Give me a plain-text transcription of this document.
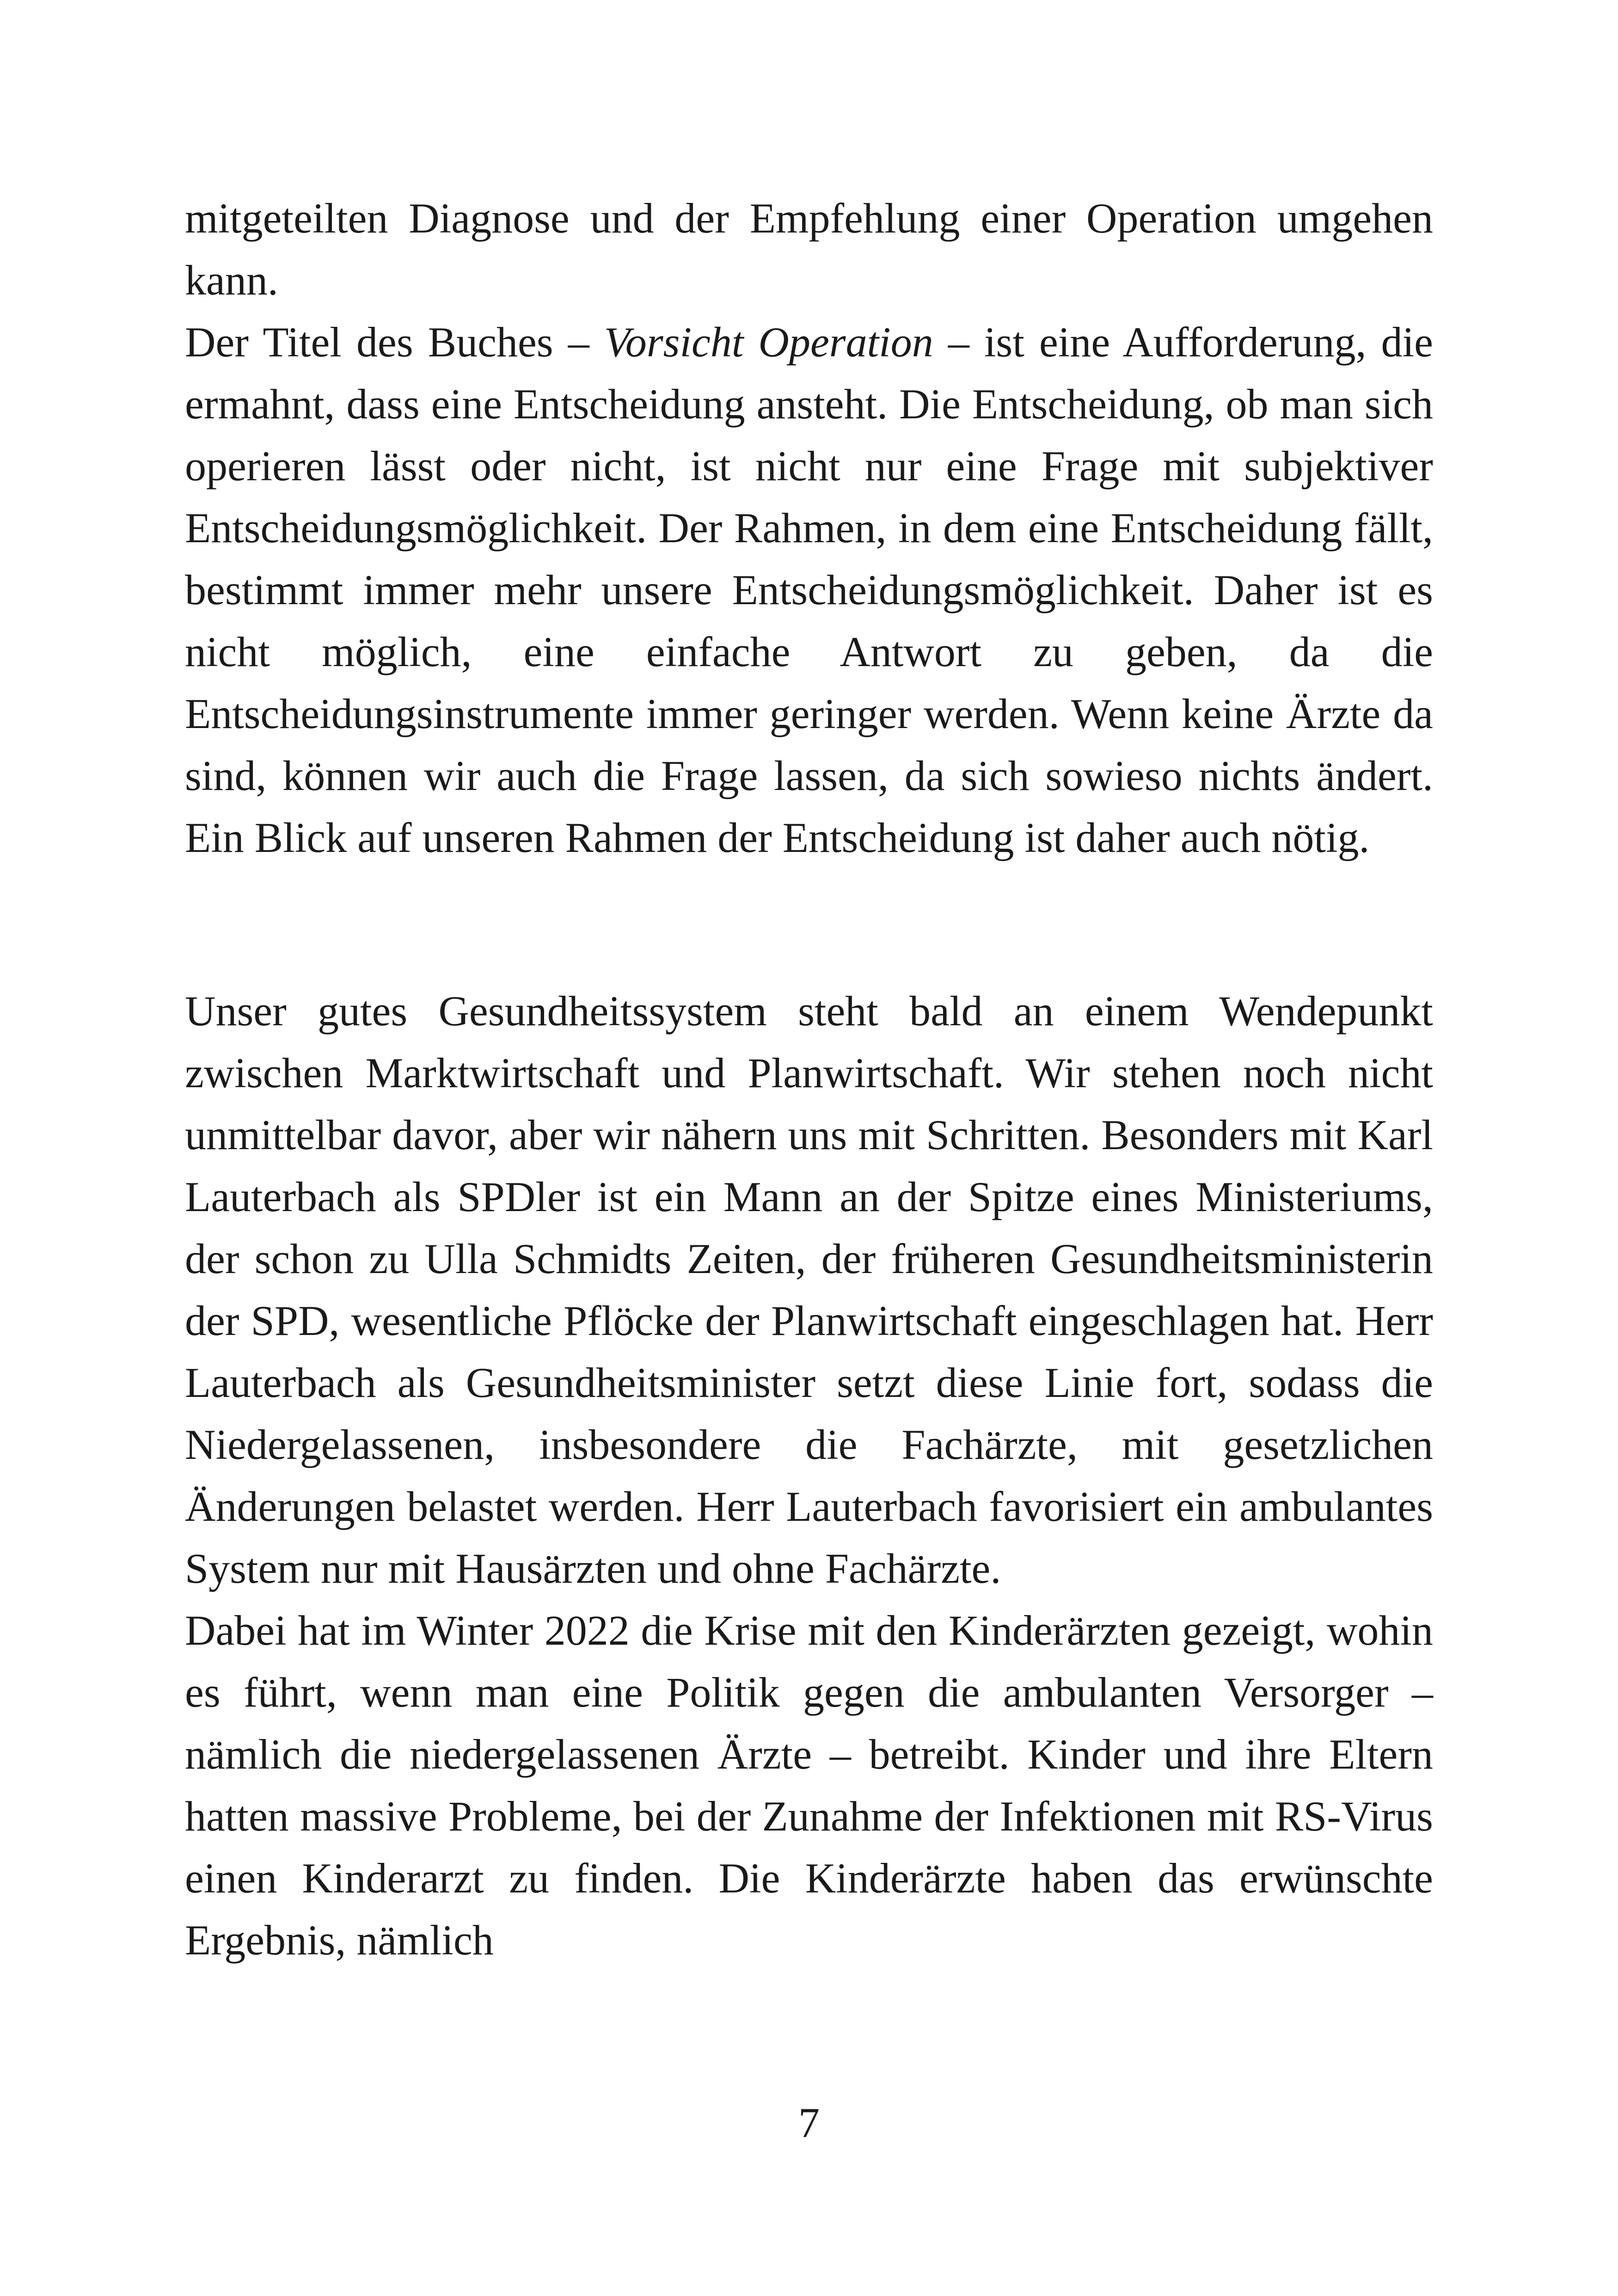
mitgeteilten Diagnose und der Empfehlung einer Operation umgehen kann.

Der Titel des Buches – Vorsicht Operation – ist eine Aufforderung, die ermahnt, dass eine Entscheidung ansteht. Die Entscheidung, ob man sich operieren lässt oder nicht, ist nicht nur eine Frage mit subjektiver Entscheidungsmöglichkeit. Der Rahmen, in dem eine Entscheidung fällt, bestimmt immer mehr unsere Entscheidungsmöglichkeit. Daher ist es nicht möglich, eine einfache Antwort zu geben, da die Entscheidungsinstrumente immer geringer werden. Wenn keine Ärzte da sind, können wir auch die Frage lassen, da sich sowieso nichts ändert. Ein Blick auf unseren Rahmen der Entscheidung ist daher auch nötig.

Unser gutes Gesundheitssystem steht bald an einem Wendepunkt zwischen Marktwirtschaft und Planwirtschaft. Wir stehen noch nicht unmittelbar davor, aber wir nähern uns mit Schritten. Besonders mit Karl Lauterbach als SPDler ist ein Mann an der Spitze eines Ministeriums, der schon zu Ulla Schmidts Zeiten, der früheren Gesundheitsministerin der SPD, wesentliche Pflöcke der Planwirtschaft eingeschlagen hat. Herr Lauterbach als Gesundheitsminister setzt diese Linie fort, sodass die Niedergelassenen, insbesondere die Fachärzte, mit gesetzlichen Änderungen belastet werden. Herr Lauterbach favorisiert ein ambulantes System nur mit Hausärzten und ohne Fachärzte.

Dabei hat im Winter 2022 die Krise mit den Kinderärzten gezeigt, wohin es führt, wenn man eine Politik gegen die ambulanten Versorger – nämlich die niedergelassenen Ärzte – betreibt. Kinder und ihre Eltern hatten massive Probleme, bei der Zunahme der Infektionen mit RS-Virus einen Kinderarzt zu finden. Die Kinderärzte haben das erwünschte Ergebnis, nämlich

7
